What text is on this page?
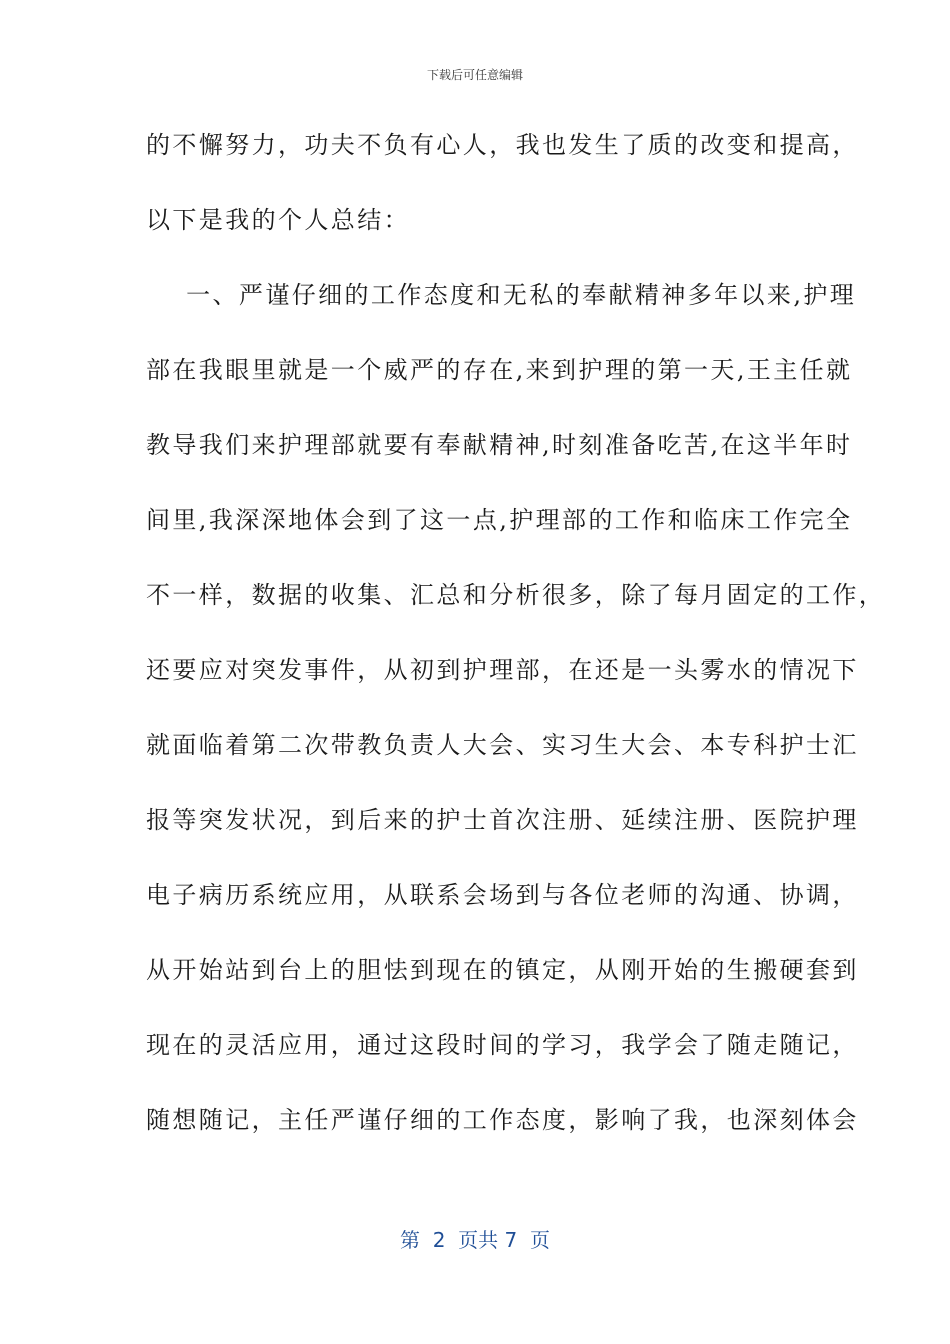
下载后可任意编辑
的不懈努力，功夫不负有心人，我也发生了质的改变和提高，
以下是我的个人总结：
一、严谨仔细的工作态度和无私的奉献精神多年以来,护理
部在我眼里就是一个威严的存在,来到护理的第一天,王主任就
教导我们来护理部就要有奉献精神,时刻准备吃苦,在这半年时
间里,我深深地体会到了这一点,护理部的工作和临床工作完全
不一样，数据的收集、汇总和分析很多，除了每月固定的工作，
还要应对突发事件，从初到护理部，在还是一头雾水的情况下
就面临着第二次带教负责人大会、实习生大会、本专科护士汇
报等突发状况，到后来的护士首次注册、延续注册、医院护理
电子病历系统应用，从联系会场到与各位老师的沟通、协调，
从开始站到台上的胆怯到现在的镇定，从刚开始的生搬硬套到
现在的灵活应用，通过这段时间的学习，我学会了随走随记，
随想随记，主任严谨仔细的工作态度，影响了我，也深刻体会
第  2  页共 7  页
